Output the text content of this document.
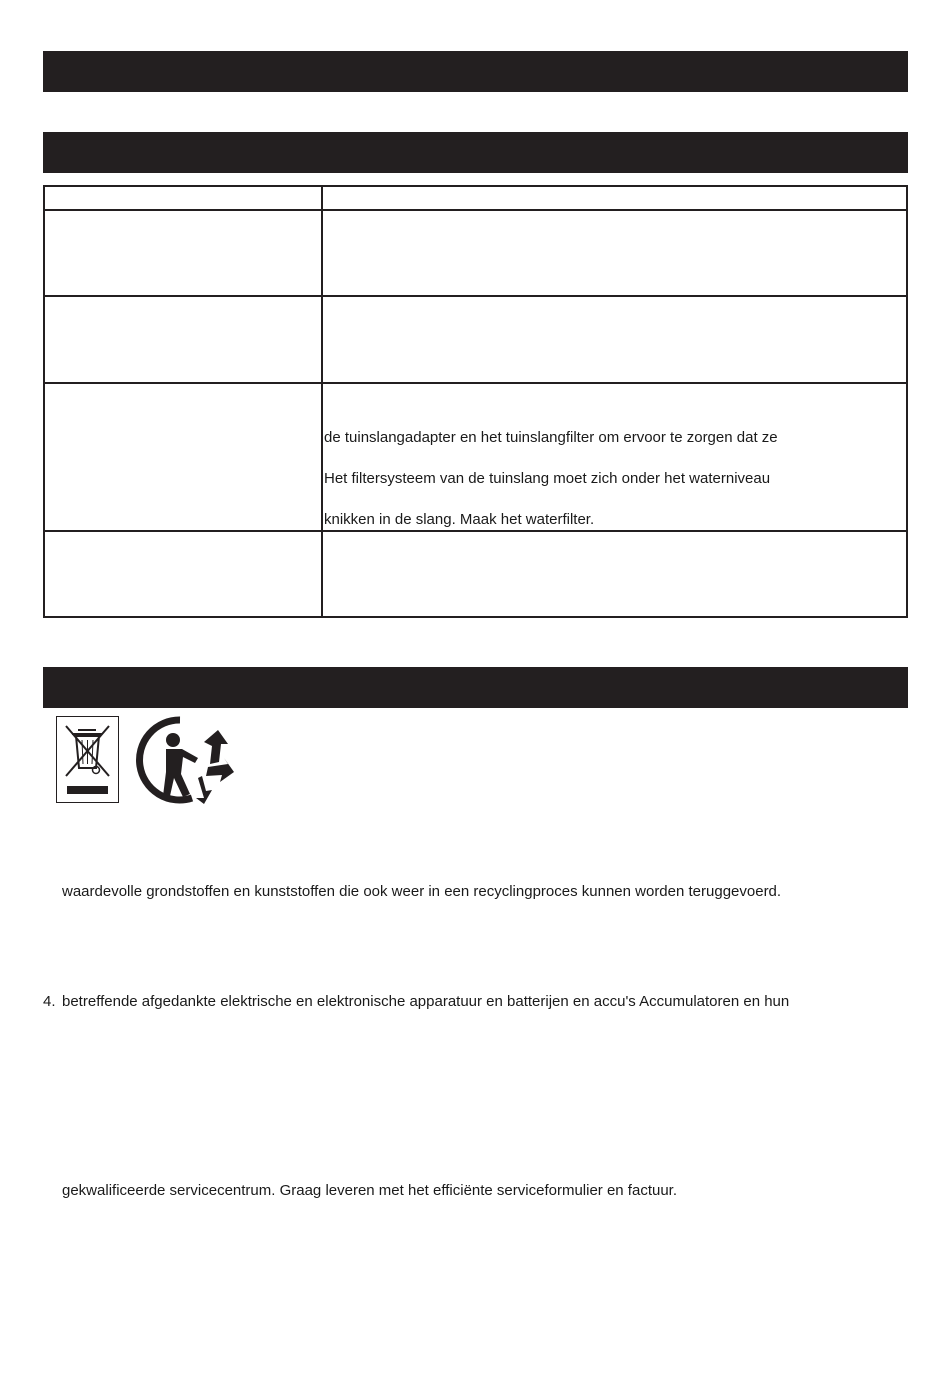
de tuinslangadapter en het tuinslangfilter om ervoor te zorgen dat ze
Het filtersysteem van de tuinslang moet zich onder het waterniveau
knikken in de slang. Maak het waterfilter.
waardevolle grondstoffen en kunststoffen die ook weer in een recyclingproces kunnen worden teruggevoerd.
4. betreffende afgedankte elektrische en elektronische apparatuur en batterijen en accu's Accumulatoren en hun
gekwalificeerde servicecentrum. Graag leveren met het efficiënte serviceformulier en factuur.
